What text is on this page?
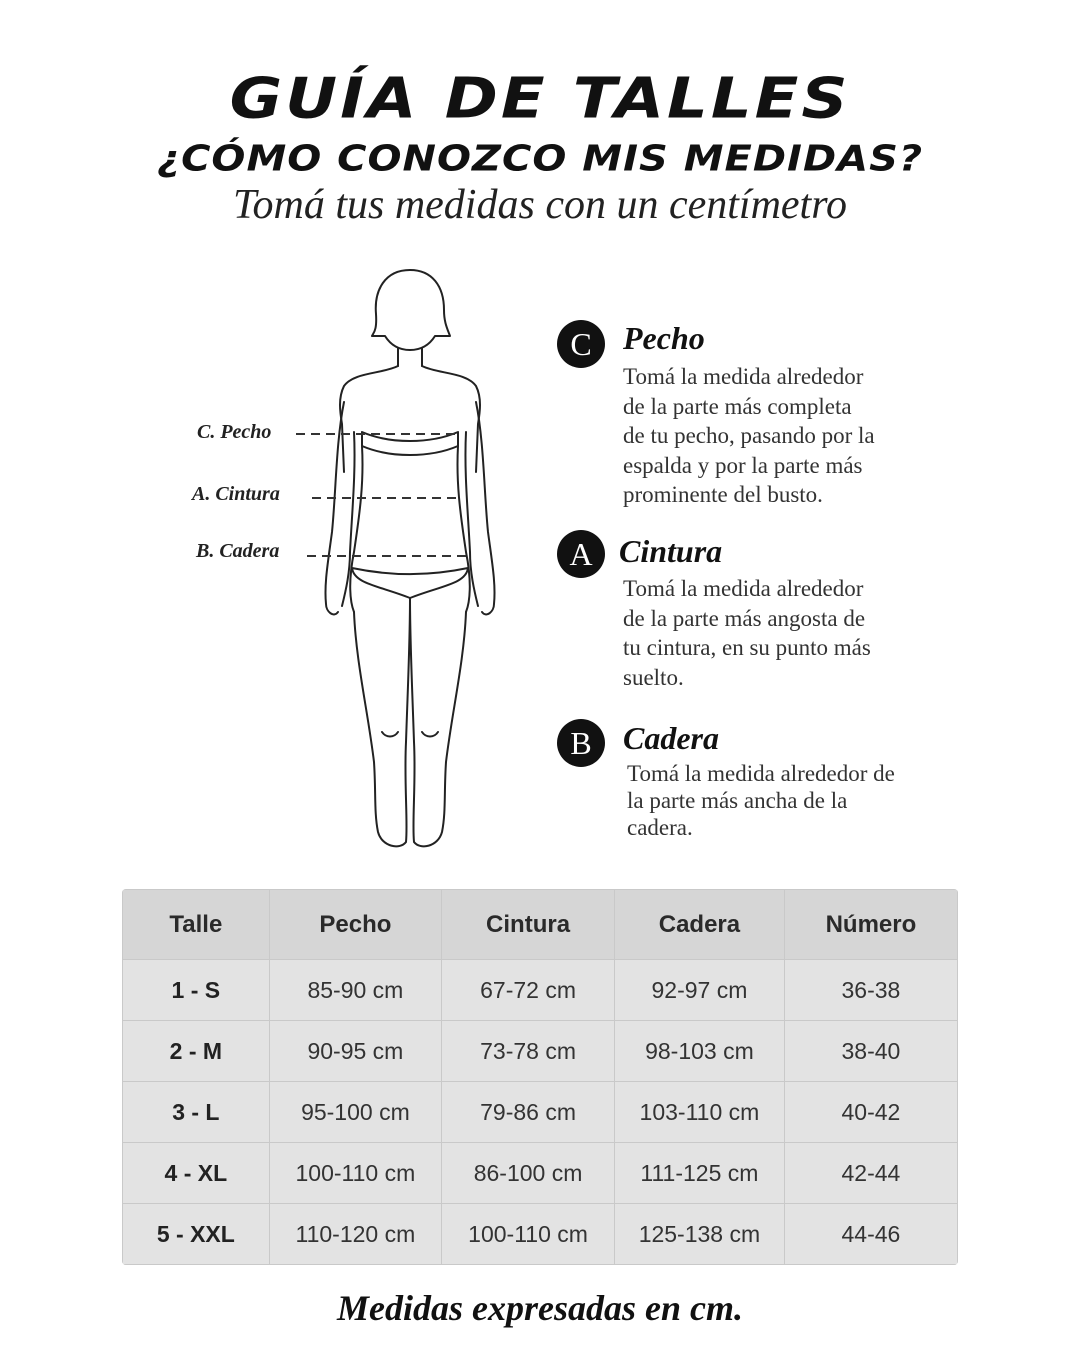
GUÍA DE TALLES
¿CÓMO CONOZCO MIS MEDIDAS?
Tomá tus medidas con un centímetro
C. Pecho
A. Cintura
B. Cadera
C Pecho
Tomá la medida alrededor
de la parte más completa
de tu pecho, pasando por la
espalda y por la parte más
prominente del busto.
A Cintura
Tomá la medida alrededor
de la parte más angosta de
tu cintura, en su punto más
suelto.
B Cadera
Tomá la medida alrededor de
la parte más ancha de la
cadera.
Talle	Pecho	Cintura	Cadera	Número
1 - S	85-90 cm	67-72 cm	92-97 cm	36-38
2 - M	90-95 cm	73-78 cm	98-103 cm	38-40
3 - L	95-100 cm	79-86 cm	103-110 cm	40-42
4 - XL	100-110 cm	86-100 cm	111-125 cm	42-44
5 - XXL	110-120 cm	100-110 cm	125-138 cm	44-46
Medidas expresadas en cm.
